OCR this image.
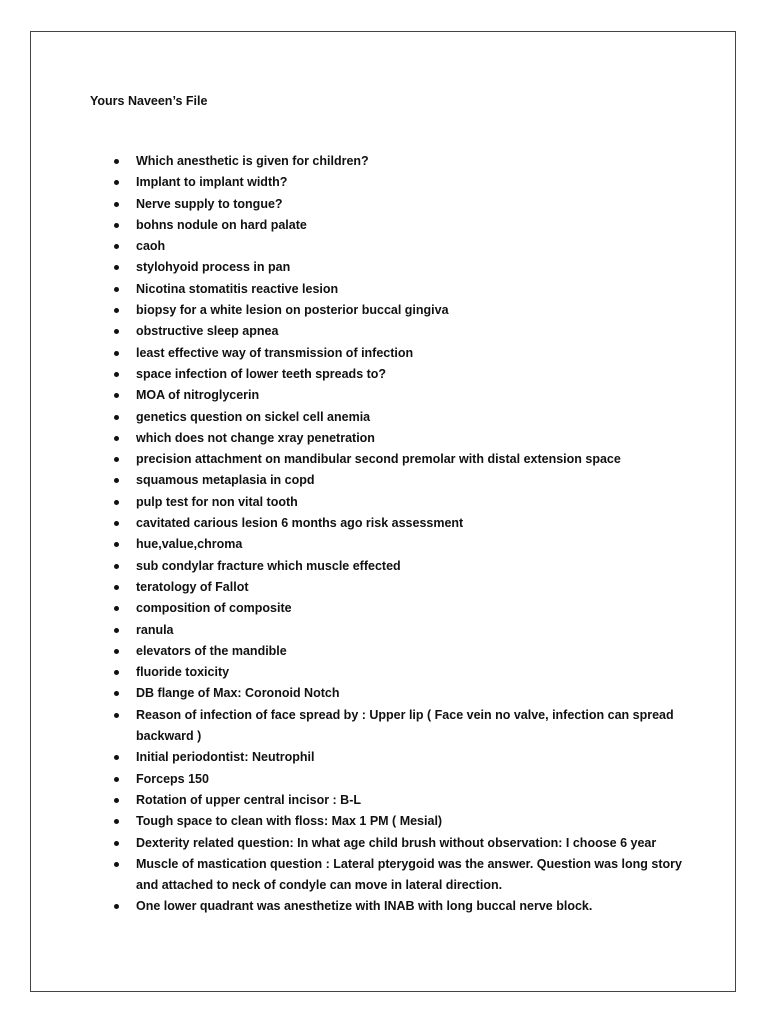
Yours Naveen’s File
Which anesthetic is given for children?
Implant to implant width?
Nerve supply to tongue?
bohns nodule on hard palate
caoh
stylohyoid process in pan
Nicotina stomatitis reactive lesion
biopsy for a white lesion on posterior buccal gingiva
obstructive sleep apnea
least effective way of transmission of infection
space infection of lower teeth spreads to?
MOA of nitroglycerin
genetics question on sickel cell anemia
which does not change xray penetration
precision attachment on mandibular second premolar with distal extension space
squamous metaplasia in copd
pulp test for non vital tooth
cavitated carious lesion 6 months ago risk assessment
hue,value,chroma
sub condylar fracture which muscle effected
teratology of Fallot
composition of composite
ranula
elevators of the mandible
fluoride toxicity
DB flange of Max: Coronoid Notch
Reason of infection of face spread by : Upper lip ( Face vein no valve, infection can spread backward )
Initial periodontist: Neutrophil
Forceps 150
Rotation of upper central incisor : B-L
Tough space to clean with floss: Max 1 PM ( Mesial)
Dexterity related question: In what age child brush without observation: I choose 6 year
Muscle of mastication question : Lateral pterygoid was the answer. Question was long story and attached to neck of condyle can move in lateral direction.
One lower quadrant was anesthetize with INAB with long buccal nerve block.
